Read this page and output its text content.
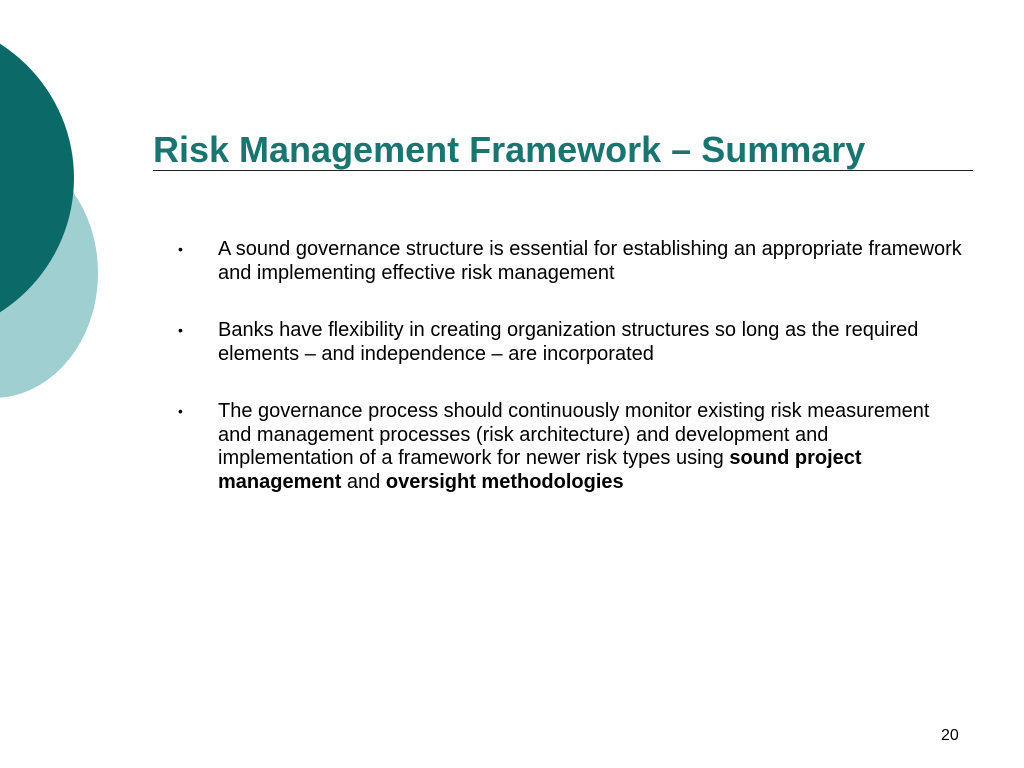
Risk Management Framework – Summary
• A sound governance structure is essential for establishing an appropriate framework and implementing effective risk management
• Banks have flexibility in creating organization structures so long as the required elements – and independence – are incorporated
• The governance process should continuously monitor existing risk measurement and management processes (risk architecture) and development and implementation of a framework for newer risk types using sound project management and oversight methodologies
20
